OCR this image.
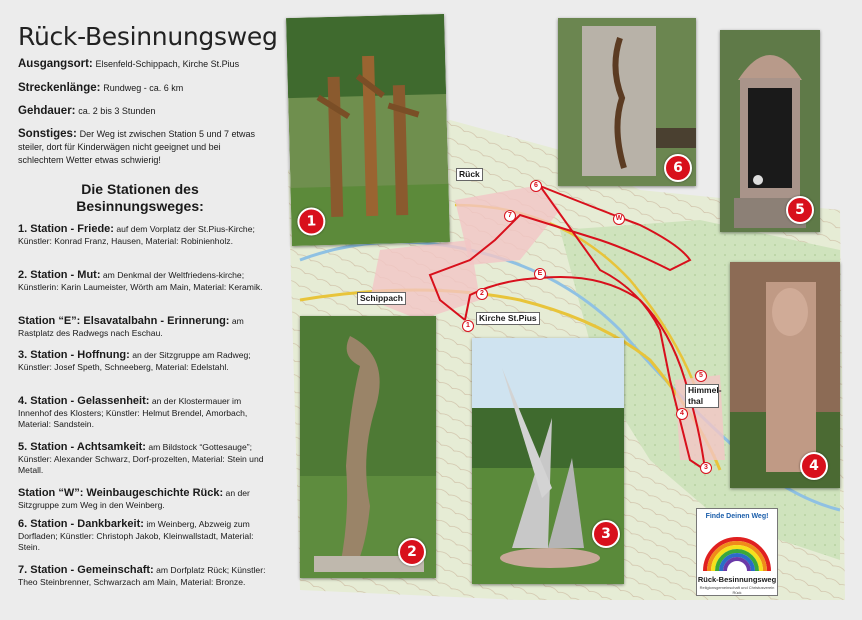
Rück-Besinnungsweg
Ausgangsort: Elsenfeld-Schippach, Kirche St.Pius
Streckenlänge: Rundweg - ca. 6 km
Gehdauer: ca. 2 bis 3 Stunden
Sonstiges: Der Weg ist zwischen Station 5 und 7 etwas steiler, dort für Kinderwägen nicht geeignet und bei schlechtem Wetter etwas schwierig!
Die Stationen des Besinnungsweges:
1. Station - Friede: auf dem Vorplatz der St.Pius-Kirche; Künstler: Konrad Franz, Hausen, Material: Robinienholz.
2. Station - Mut: am Denkmal der Weltfriedens-kirche; Künstlerin: Karin Laumeister, Wörth am Main, Material: Keramik.
Station “E”: Elsavatalbahn - Erinnerung: am Rastplatz des Radwegs nach Eschau.
3. Station - Hoffnung: an der Sitzgruppe am Radweg; Künstler: Josef Speth, Schneeberg, Material: Edelstahl.
4. Station - Gelassenheit: an der Klostermauer im Innenhof des Klosters; Künstler: Helmut Brendel, Amorbach, Material: Sandstein.
5. Station - Achtsamkeit: am Bildstock “Gottesauge”; Künstler: Alexander Schwarz, Dorf-prozelten, Material: Stein und Metall.
Station “W”: Weinbaugeschichte Rück: an der Sitzgruppe zum Weg in den Weinberg.
6. Station - Dankbarkeit: im Weinberg, Abzweig zum Dorfladen; Künstler: Christoph Jakob, Kleinwallstadt, Material: Stein.
7. Station - Gemeinschaft: am Dorfplatz Rück; Künstler: Theo Steinbrenner, Schwarzach am Main, Material: Bronze.
Rück
Schippach
Kirche St.Pius
Himmel-thal
1
2
3
4
5
6
7
E
W
1
6
5
4
2
3
Finde Deinen Weg!
Rück-Besinnungsweg
Religionsgemeinschaft und Christusverein Rück
